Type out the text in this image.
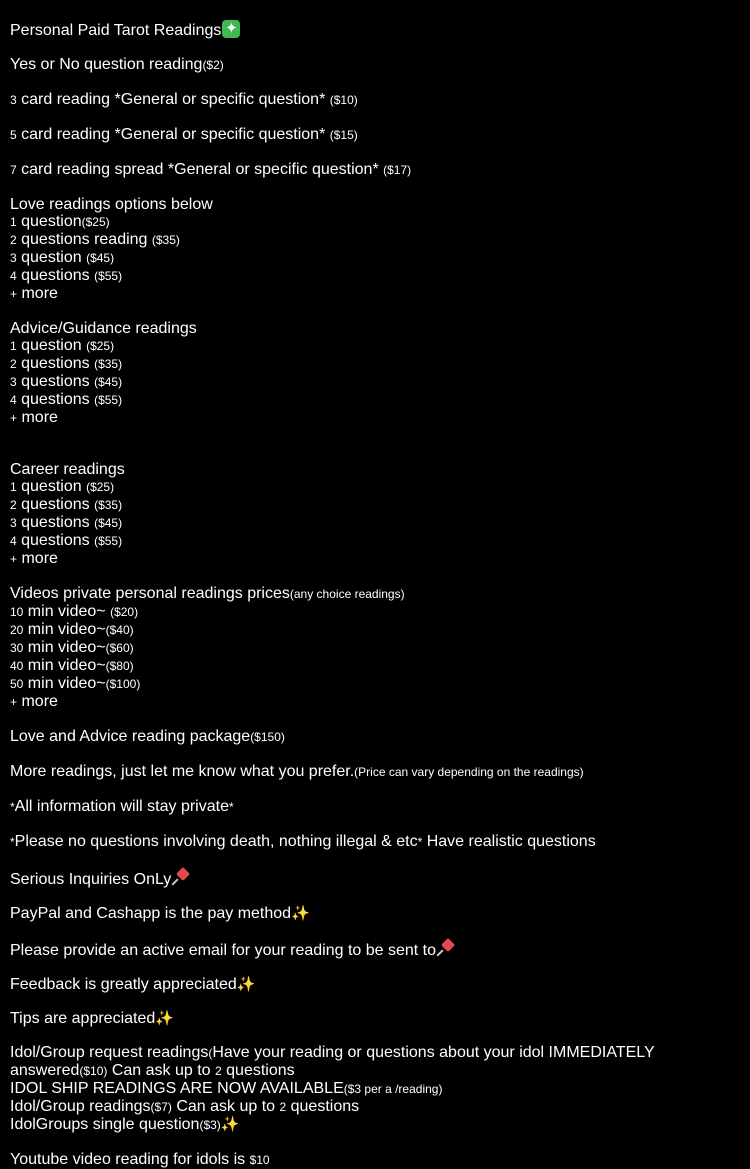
Personal Paid Tarot Readings✦
Yes or No question reading($2)
3 card reading *General or specific question* ($10)
5 card reading *General or specific question* ($15)
7 card reading spread *General or specific question* ($17)
Love readings options below
1 question($25)
2 questions reading ($35)
3 question ($45)
4 questions ($55)
+ more
Advice/Guidance readings
1 question ($25)
2 questions ($35)
3 questions ($45)
4 questions ($55)
+ more
Career readings
1 question ($25)
2 questions ($35)
3 questions ($45)
4 questions ($55)
+ more
Videos private personal readings prices(any choice readings)
10 min video~ ($20)
20 min video~($40)
30 min video~($60)
40 min video~($80)
50 min video~($100)
+ more
Love and Advice reading package($150)
More readings, just let me know what you prefer.(Price can vary depending on the readings)
*All information will stay private*
*Please no questions involving death, nothing illegal & etc* Have realistic questions
Serious Inquiries OnLy
PayPal and Cashapp is the pay method✨
Please provide an active email for your reading to be sent to
Feedback is greatly appreciated✨
Tips are appreciated✨
Idol/Group request readings(Have your reading or questions about your idol IMMEDIATELY answered($10) Can ask up to 2 questions
IDOL SHIP READINGS ARE NOW AVAILABLE($3 per a /reading)
Idol/Group readings($7) Can ask up to 2 questions
IdolGroups single question($3)✨
Youtube video reading for idols is $10
